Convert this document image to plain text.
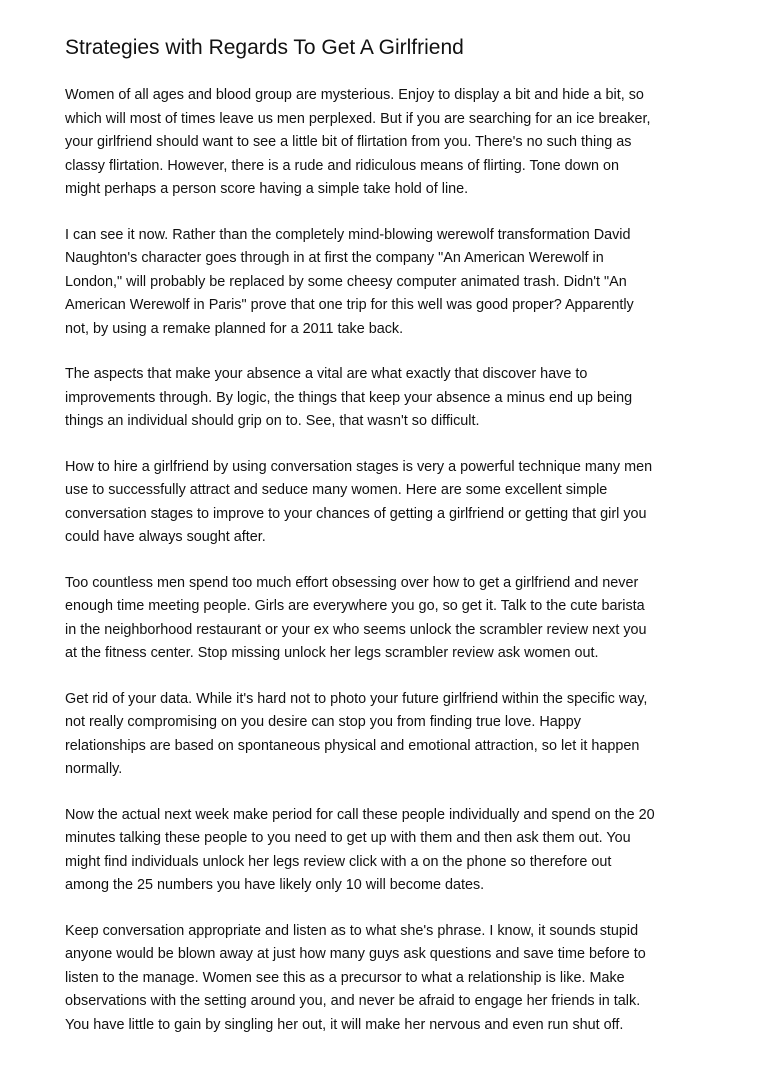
Strategies with Regards To Get A Girlfriend

Women of all ages and blood group are mysterious. Enjoy to display a bit and hide a bit, so
which will most of times leave us men perplexed. But if you are searching for an ice breaker,
your girlfriend should want to see a little bit of flirtation from you. There's no such thing as
classy flirtation. However, there is a rude and ridiculous means of flirting. Tone down on
might perhaps a person score having a simple take hold of line.

I can see it now. Rather than the completely mind-blowing werewolf transformation David
Naughton's character goes through in at first the company "An American Werewolf in
London," will probably be replaced by some cheesy computer animated trash. Didn't "An
American Werewolf in Paris" prove that one trip for this well was good proper? Apparently
not, by using a remake planned for a 2011 take back.

The aspects that make your absence a vital are what exactly that discover have to
improvements through. By logic, the things that keep your absence a minus end up being
things an individual should grip on to. See, that wasn't so difficult.

How to hire a girlfriend by using conversation stages is very a powerful technique many men
use to successfully attract and seduce many women. Here are some excellent simple
conversation stages to improve to your chances of getting a girlfriend or getting that girl you
could have always sought after.

Too countless men spend too much effort obsessing over how to get a girlfriend and never
enough time meeting people. Girls are everywhere you go, so get it. Talk to the cute barista
in the neighborhood restaurant or your ex who seems unlock the scrambler review next you
at the fitness center. Stop missing unlock her legs scrambler review ask women out.

Get rid of your data. While it's hard not to photo your future girlfriend within the specific way,
not really compromising on you desire can stop you from finding true love. Happy
relationships are based on spontaneous physical and emotional attraction, so let it happen
normally.

Now the actual next week make period for call these people individually and spend on the 20
minutes talking these people to you need to get up with them and then ask them out. You
might find individuals unlock her legs review click with a on the phone so therefore out
among the 25 numbers you have likely only 10 will become dates.

Keep conversation appropriate and listen as to what she's phrase. I know, it sounds stupid
anyone would be blown away at just how many guys ask questions and save time before to
listen to the manage. Women see this as a precursor to what a relationship is like. Make
observations with the setting around you, and never be afraid to engage her friends in talk.
You have little to gain by singling her out, it will make her nervous and even run shut off.
